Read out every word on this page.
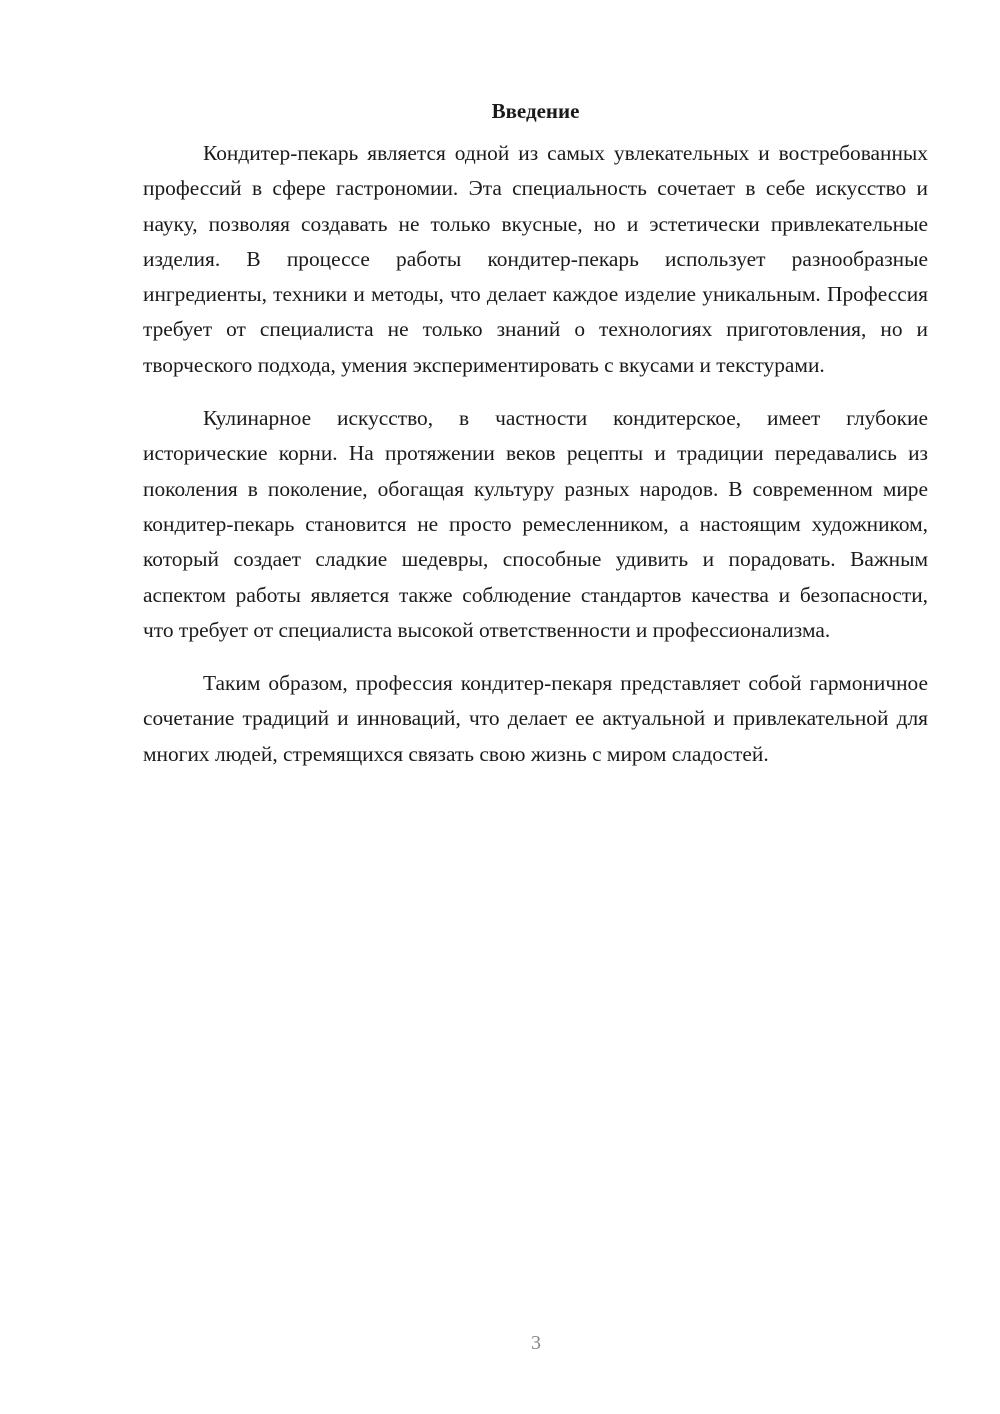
Введение

Кондитер-пекарь является одной из самых увлекательных и востребованных профессий в сфере гастрономии. Эта специальность сочетает в себе искусство и науку, позволяя создавать не только вкусные, но и эстетически привлекательные изделия. В процессе работы кондитер-пекарь использует разнообразные ингредиенты, техники и методы, что делает каждое изделие уникальным. Профессия требует от специалиста не только знаний о технологиях приготовления, но и творческого подхода, умения экспериментировать с вкусами и текстурами.

Кулинарное искусство, в частности кондитерское, имеет глубокие исторические корни. На протяжении веков рецепты и традиции передавались из поколения в поколение, обогащая культуру разных народов. В современном мире кондитер-пекарь становится не просто ремесленником, а настоящим художником, который создает сладкие шедевры, способные удивить и порадовать. Важным аспектом работы является также соблюдение стандартов качества и безопасности, что требует от специалиста высокой ответственности и профессионализма.

Таким образом, профессия кондитер-пекаря представляет собой гармоничное сочетание традиций и инноваций, что делает ее актуальной и привлекательной для многих людей, стремящихся связать свою жизнь с миром сладостей.

3
